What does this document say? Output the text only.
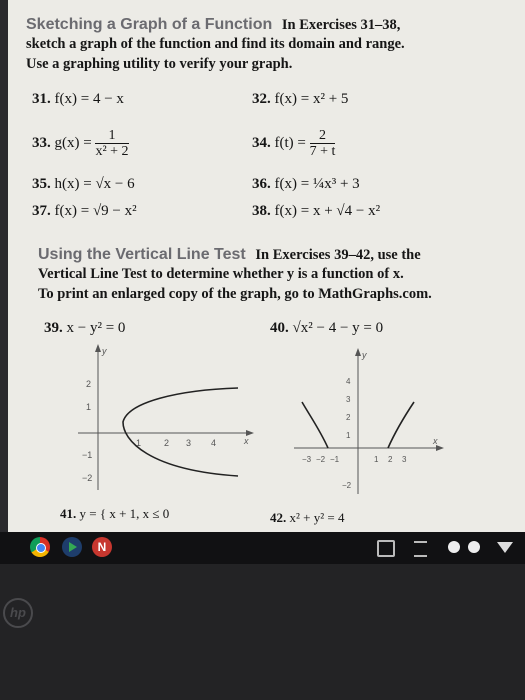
Sketching a Graph of a Function In Exercises 31–38,
sketch a graph of the function and find its domain and range.
Use a graphing utility to verify your graph.
31. f(x) = 4 − x	32. f(x) = x² + 5
33. $g(x) = \frac{1}{\text{x² + 2}}$	34. $f(t) = \frac{2}{7 + t}$
35. h(x) = √x − 6	36. f(x) = ¼x³ + 3
37. f(x) = √9 − x²	38. f(x) = x + √4 − x²
Using the Vertical Line Test In Exercises 39–42, use the
Vertical Line Test to determine whether y is a function of x.
To print an enlarged copy of the graph, go to MathGraphs.com.
39. x − y² = 0	40. √x² − 4 − y = 0
y
x
1	2 3 4
2
1
−1
−2
y
x
−3 −2 −1	1 2 3
4
3
2
1
−2
41. y = { x + 1, x ≤ 0	42. x² + y² = 4
N
hp
